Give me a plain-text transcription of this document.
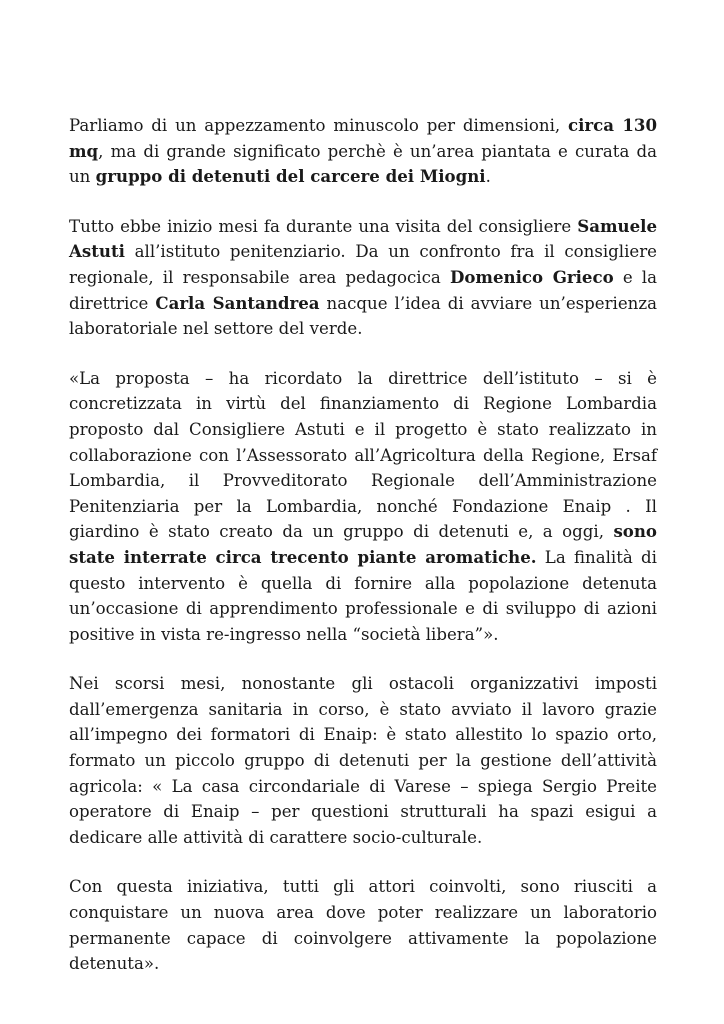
Parliamo di un appezzamento minuscolo per dimensioni, circa 130 mq, ma di grande significato perchè è un’area piantata e curata da un gruppo di detenuti del carcere dei Miogni.

Tutto ebbe inizio mesi fa durante una visita del consigliere Samuele Astuti all’istituto penitenziario. Da un confronto fra il consigliere regionale, il responsabile area pedagocica Domenico Grieco e la direttrice Carla Santandrea nacque l’idea di avviare un’esperienza laboratoriale nel settore del verde.

«La proposta – ha ricordato la direttrice dell’istituto – si è concretizzata in virtù del finanziamento di Regione Lombardia proposto dal Consigliere Astuti e il progetto è stato realizzato in collaborazione con l’Assessorato all’Agricoltura della Regione, Ersaf Lombardia, il Provveditorato Regionale dell’Amministrazione Penitenziaria per la Lombardia, nonché Fondazione Enaip . Il giardino è stato creato da un gruppo di detenuti e, a oggi, sono state interrate circa trecento piante aromatiche. La finalità di questo intervento è quella di fornire alla popolazione detenuta un’occasione di apprendimento professionale e di sviluppo di azioni positive in vista re-ingresso nella “società libera”».

Nei scorsi mesi, nonostante gli ostacoli organizzativi imposti dall’emergenza sanitaria in corso, è stato avviato il lavoro grazie all’impegno dei formatori di Enaip: è stato allestito lo spazio orto, formato un piccolo gruppo di detenuti per la gestione dell’attività agricola: « La casa circondariale di Varese – spiega Sergio Preite operatore di Enaip – per questioni strutturali ha spazi esigui a dedicare alle attività di carattere socio-culturale.

Con questa iniziativa, tutti gli attori coinvolti, sono riusciti a conquistare un nuova area dove poter realizzare un laboratorio permanente capace di coinvolgere attivamente la popolazione detenuta».
